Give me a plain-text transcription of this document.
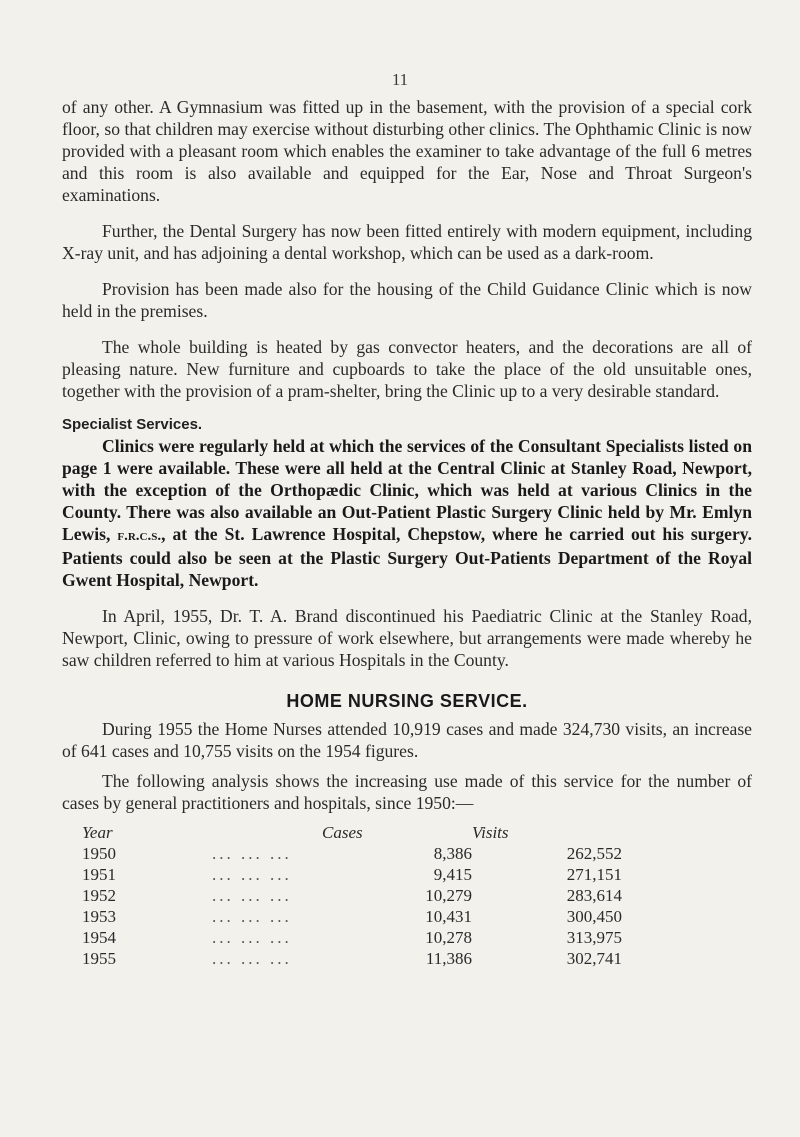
11

of any other. A Gymnasium was fitted up in the basement, with the provision of a special cork floor, so that children may exercise without disturbing other clinics. The Ophthamic Clinic is now provided with a pleasant room which enables the examiner to take advantage of the full 6 metres and this room is also available and equipped for the Ear, Nose and Throat Surgeon's examinations.

Further, the Dental Surgery has now been fitted entirely with modern equipment, including X-ray unit, and has adjoining a dental workshop, which can be used as a dark-room.

Provision has been made also for the housing of the Child Guidance Clinic which is now held in the premises.

The whole building is heated by gas convector heaters, and the decorations are all of pleasing nature. New furniture and cupboards to take the place of the old unsuitable ones, together with the provision of a pram-shelter, bring the Clinic up to a very desirable standard.

Specialist Services.

Clinics were regularly held at which the services of the Consultant Specialists listed on page 1 were available. These were all held at the Central Clinic at Stanley Road, Newport, with the exception of the Orthopædic Clinic, which was held at various Clinics in the County. There was also available an Out-Patient Plastic Surgery Clinic held by Mr. Emlyn Lewis, f.r.c.s., at the St. Lawrence Hospital, Chepstow, where he carried out his surgery. Patients could also be seen at the Plastic Surgery Out-Patients Department of the Royal Gwent Hospital, Newport.

In April, 1955, Dr. T. A. Brand discontinued his Paediatric Clinic at the Stanley Road, Newport, Clinic, owing to pressure of work elsewhere, but arrangements were made whereby he saw children referred to him at various Hospitals in the County.

HOME NURSING SERVICE.

During 1955 the Home Nurses attended 10,919 cases and made 324,730 visits, an increase of 641 cases and 10,755 visits on the 1954 figures.

The following analysis shows the increasing use made of this service for the number of cases by general practitioners and hospitals, since 1950:—

Year		Cases	Visits
1950	... ... ...	8,386	262,552
1951	... ... ...	9,415	271,151
1952	... ... ...	10,279	283,614
1953	... ... ...	10,431	300,450
1954	... ... ...	10,278	313,975
1955	... ... ...	11,386	302,741
